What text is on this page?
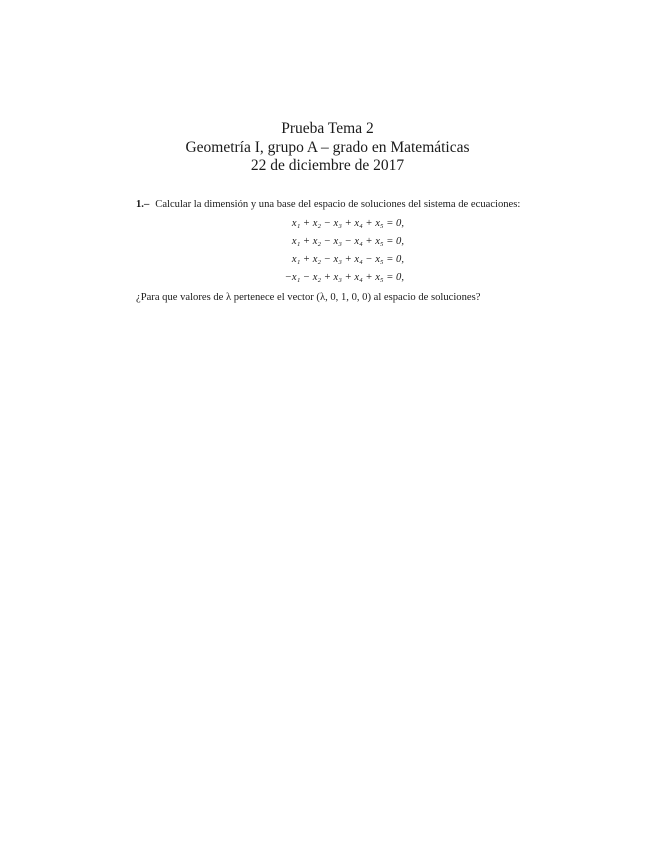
Prueba Tema 2

Geometría I, grupo A – grado en Matemáticas

22 de diciembre de 2017

1.– Calcular la dimensión y una base del espacio de soluciones del sistema de ecuaciones:

x₁ + x₂ − x₃ + x₄ + x₅ = 0,
x₁ + x₂ − x₃ − x₄ + x₅ = 0,
x₁ + x₂ − x₃ + x₄ − x₅ = 0,
−x₁ − x₂ + x₃ + x₄ + x₅ = 0,

¿Para que valores de λ pertenece el vector (λ, 0, 1, 0, 0) al espacio de soluciones?
